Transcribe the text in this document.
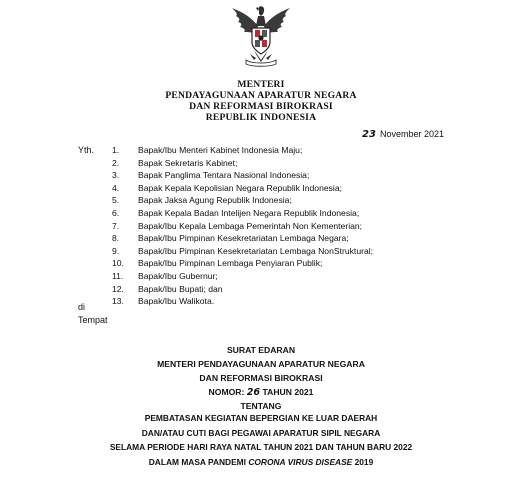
MENTERI
PENDAYAGUNAAN APARATUR NEGARA
DAN REFORMASI BIROKRASI
REPUBLIK INDONESIA
23 November 2021
Yth. 1. Bapak/Ibu Menteri Kabinet Indonesia Maju;
2. Bapak Sekretaris Kabinet;
3. Bapak Panglima Tentara Nasional Indonesia;
4. Bapak Kepala Kepolisian Negara Republik Indonesia;
5. Bapak Jaksa Agung Republik Indonesia;
6. Bapak Kepala Badan Intelijen Negara Republik Indonesia;
7. Bapak/Ibu Kepala Lembaga Pemerintah Non Kementerian;
8. Bapak/Ibu Pimpinan Kesekretariatan Lembaga Negara;
9. Bapak/Ibu Pimpinan Kesekretariatan Lembaga NonStruktural;
10. Bapak/Ibu Pimpinan Lembaga Penyiaran Publik;
11. Bapak/Ibu Gubernur;
12. Bapak/Ibu Bupati; dan
13. Bapak/Ibu Walikota.
di
Tempat
SURAT EDARAN
MENTERI PENDAYAGUNAAN APARATUR NEGARA
DAN REFORMASI BIROKRASI
NOMOR: 26 TAHUN 2021
TENTANG
PEMBATASAN KEGIATAN BEPERGIAN KE LUAR DAERAH
DAN/ATAU CUTI BAGI PEGAWAI APARATUR SIPIL NEGARA
SELAMA PERIODE HARI RAYA NATAL TAHUN 2021 DAN TAHUN BARU 2022
DALAM MASA PANDEMI CORONA VIRUS DISEASE 2019
